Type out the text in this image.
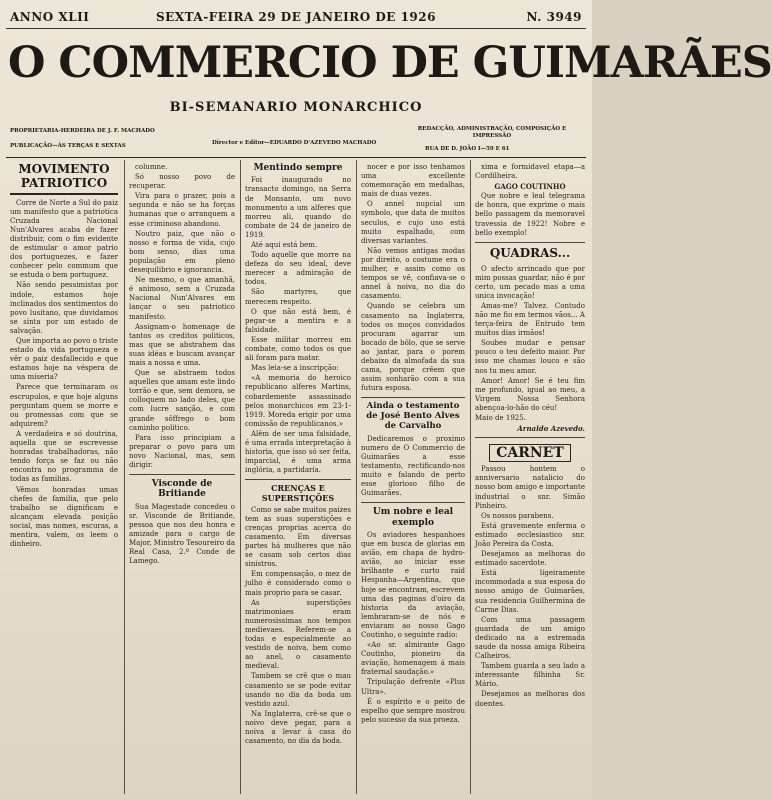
ANNO XLII	SEXTA-FEIRA 29 DE JANEIRO DE 1926	N. 3949
O COMMERCIO DE GUIMARÃES
BI-SEMANARIO MONARCHICO
PROPRIETARIA-HERDEIRA DE J. F. MACHADO
PUBLICAÇÃO—ÁS TERÇAS E SEXTAS	Director e Editor—EDUARDO D'AZEVEDO MACHADO
REDACÇÃO, ADMINISTRAÇÃO, COMPOSIÇÃO E IMPRESSÃO
RUA DE D. JOÃO I—59 E 61
MOVIMENTO PATRIOTICO

Corre de Norte a Sul do paiz um manifesto que a patriotica Cruzada Nacional Nun'Alvares acaba de fazer distribuir, com o fim evidente de estimular o amor patrio dos portuguezes, e fazer conhecer pelo commum que se estuda o bem portuguez.

Não sendo pessimistas por indole, estamos hoje inclinados dos sentimentos do povo lusitano, que duvidamos se sinta por um estado de salvação.

Que importa ao povo o triste estado da vida portugueza e vêr o paiz desfallecido e que estamos hoje na véspera de uma miseria?

Parece que terminaram os escrupulos, e que hoje alguns perguntam quem se morre e ou promessas com que se adquirem?

A verdadeira e só doutrina, aquella que se escrevesse honradas trabalhadoras, não tendo força se faz ou não encontra no programma de todas as familias.

Vêmos honradas umas chefes de familia, que pelo trabalho se dignificam e alcançam elevada posição social, mas nomes, escuras, a mentira, valem, os leem o dinheiro.

columne.

Só nosso povo de recuperar.

Vira para o prazer, pois a segunda e não se ha forças humanas que o arranquem a esse criminoso abandono.

Noutro paiz, que não o nosso e forma de vida, cujo bom senso, dias uma população em pleno desequilibrio e ignorancia.

Ne mesmo, o que amanhã, é animoso, sem a Cruzada Nacional Nun'Alvares em lançar o seu patriotico manifesto.

Assignam-o homenage de tantos os creditos politicos, mas que se abstrahem das suas idéas e buscam avançar mais a nossa e uma.

Que se abstraem todos aquelles que amam este lindo torrão e que, sem demora, se colloquem no lado deles, que com lucre sanção, e com grande sôffrego o bom caminho politico.

Para isso principiam a preparar o povo para um novo Nacional, mas, sem dirigir.

Visconde de Britiande

Sua Magestade concedeu o sr. Visconde de Britiande, pessoa que nos deu honra e amizade para o cargo de Major, Ministro Tesoureiro da Real Casa, 2.º Conde de Lamego.

Mentindo sempre

Foi inaugurado no transacto domingo, na Serra de Monsanto, um novo monumento a um alferes que morreu ali, quando do combate de 24 de janeiro de 1919.

Até aqui está bem.

Todo aquelle que morre na defeza do seu ideal, deve merecer a admiração de todos.

São martyres, que merecem respeito.

O que não está bem, é pegar-se a mentira e a falsidade.

Esse militar morreu em combate, como todos os que ali foram para matar.

Mas leia-se a inscripção:

«A memoria do heroico republicano alferes Martins, cobardemente assassinado pelos monarchicos em 23-1-1919. Moreda erigir por uma comissão de republicanos.»

Alêm de ser uma falsidade, é uma errada interpretação à historia, que isso só ser feita, imparcial, é uma arma inglória, a partidaria.

CRENÇAS E SUPERSTIÇÕES

Como se sabe muitos paizes tem as suas superstições e crenças proprias acerca do casamento. Em diversas partes há mulheres que não se casam sob certos dias sinistros.

Em compensação, o mez de julho é considerado como o mais proprio para se casar.

As superstições matrimoniaes eram numerosissimas nos tempos medievaes. Referem-se a todas e especialmente ao vestido de noiva, bem como ao anel, o casamento medieval.

Tambem se crê que o mau casamento se se pode evitar usando no dia da boda um vestido azul.

Na Inglaterra, crê-se que o noivo deve pegar, para a noiva a levar à casa do casamento, no dia da boda.

nocer e por isso tenhamos uma excellente comemoração em medalhas, mais de duas vezes.

O annel nupcial um symbolo, que data de muitos seculos, e cujo uso está muito espalhado, com diversas variantes.

Não vemos antigas modas por direito, o costume era o mulher, e assim como os tempos se vê, confiava-se o annel à noiva, no dia do casamento.

Quando se celebra um casamento na Inglaterra, todos os moços convidados procuram agarrar um bocado de bôlo, que se serve ao jantar, para o porem debaixo da almofada da sua cama, porque crêem que assim sonharão com a sua futura esposa.

Ainda o testamento de José Bento Alves de Carvalho

Dedicaremos o proximo numero de O Commercio de Guimarães a esse testamento, rectificando-nos muito e falando de perto esse glorioso filho de Guimarães.

Um nobre e leal exemplo

Os aviadores hespanhoes que em busca de glorias em avião, em chapa de hydro-avião, ao iniciar esse brilhante e curto raid Hespanha—Argentina, que hoje se encontram, escrevem uma das paginas d'oiro da historia da aviação, lembraram-se de nós e enviaram ao nosso Gago Coutinho, o seguinte radio:

«Ao sr. almirante Gago Coutinho, pioneiro da aviação, homenagem á mais fraternal saudação.»

Tripulação defrente «Plus Ultra».

É o espírito e o peito de espelho que sempre mostrou pelo sucesso da sua proeza.

xima e formidavel etapa—a Cordilheira.

GAGO COUTINHO

Que nobre e leal telegrama de honra, que exprime o mais bello passagem da memoravel travessia de 1922! Nobre e bello exemplo!

QUADRAS...

O afecto arrincado que por mim possas guardar, não é por certo, um pecado mas a uma unica invocação!

Amas-me? Talvez. Contudo não me fio em termos vãos... A terça-feira de Entrudo tem muitos dias irmãos!

Soubes mudar e pensar pouco o teu defeito maior. Por isso me chamas louco e são nos tu meu amor.

Amor! Amor! Se é teu fim me profundo, igual ao meu, a Virgem Nossa Senhora abençoa-lo-hão do céu!

Maio de 1925.

Arnaldo Azevedo.

CARNET

Passou hontem o anniversario natalicio do nosso bom amigo e importante industrial o snr. Simão Pinheiro.

Os nossos parabens.

Está gravemente enferma o estimado ecclesiastico snr. João Pereira da Costa.

Desejamos as melhoras do estimado sacerdote.

Está ligeiramente incommodada a sua esposa do nosso amigo de Guimarães, sua residencia Guilhermina de Carme Dias.

Com uma passagem guardada de um amigo dedicado na a estremada saude da nossa amiga Ribeira Calheiros.

Tambem guarda a seu lado a interessante filhinha Sr. Mário.

Desejamos as melhoras dos doentes.
